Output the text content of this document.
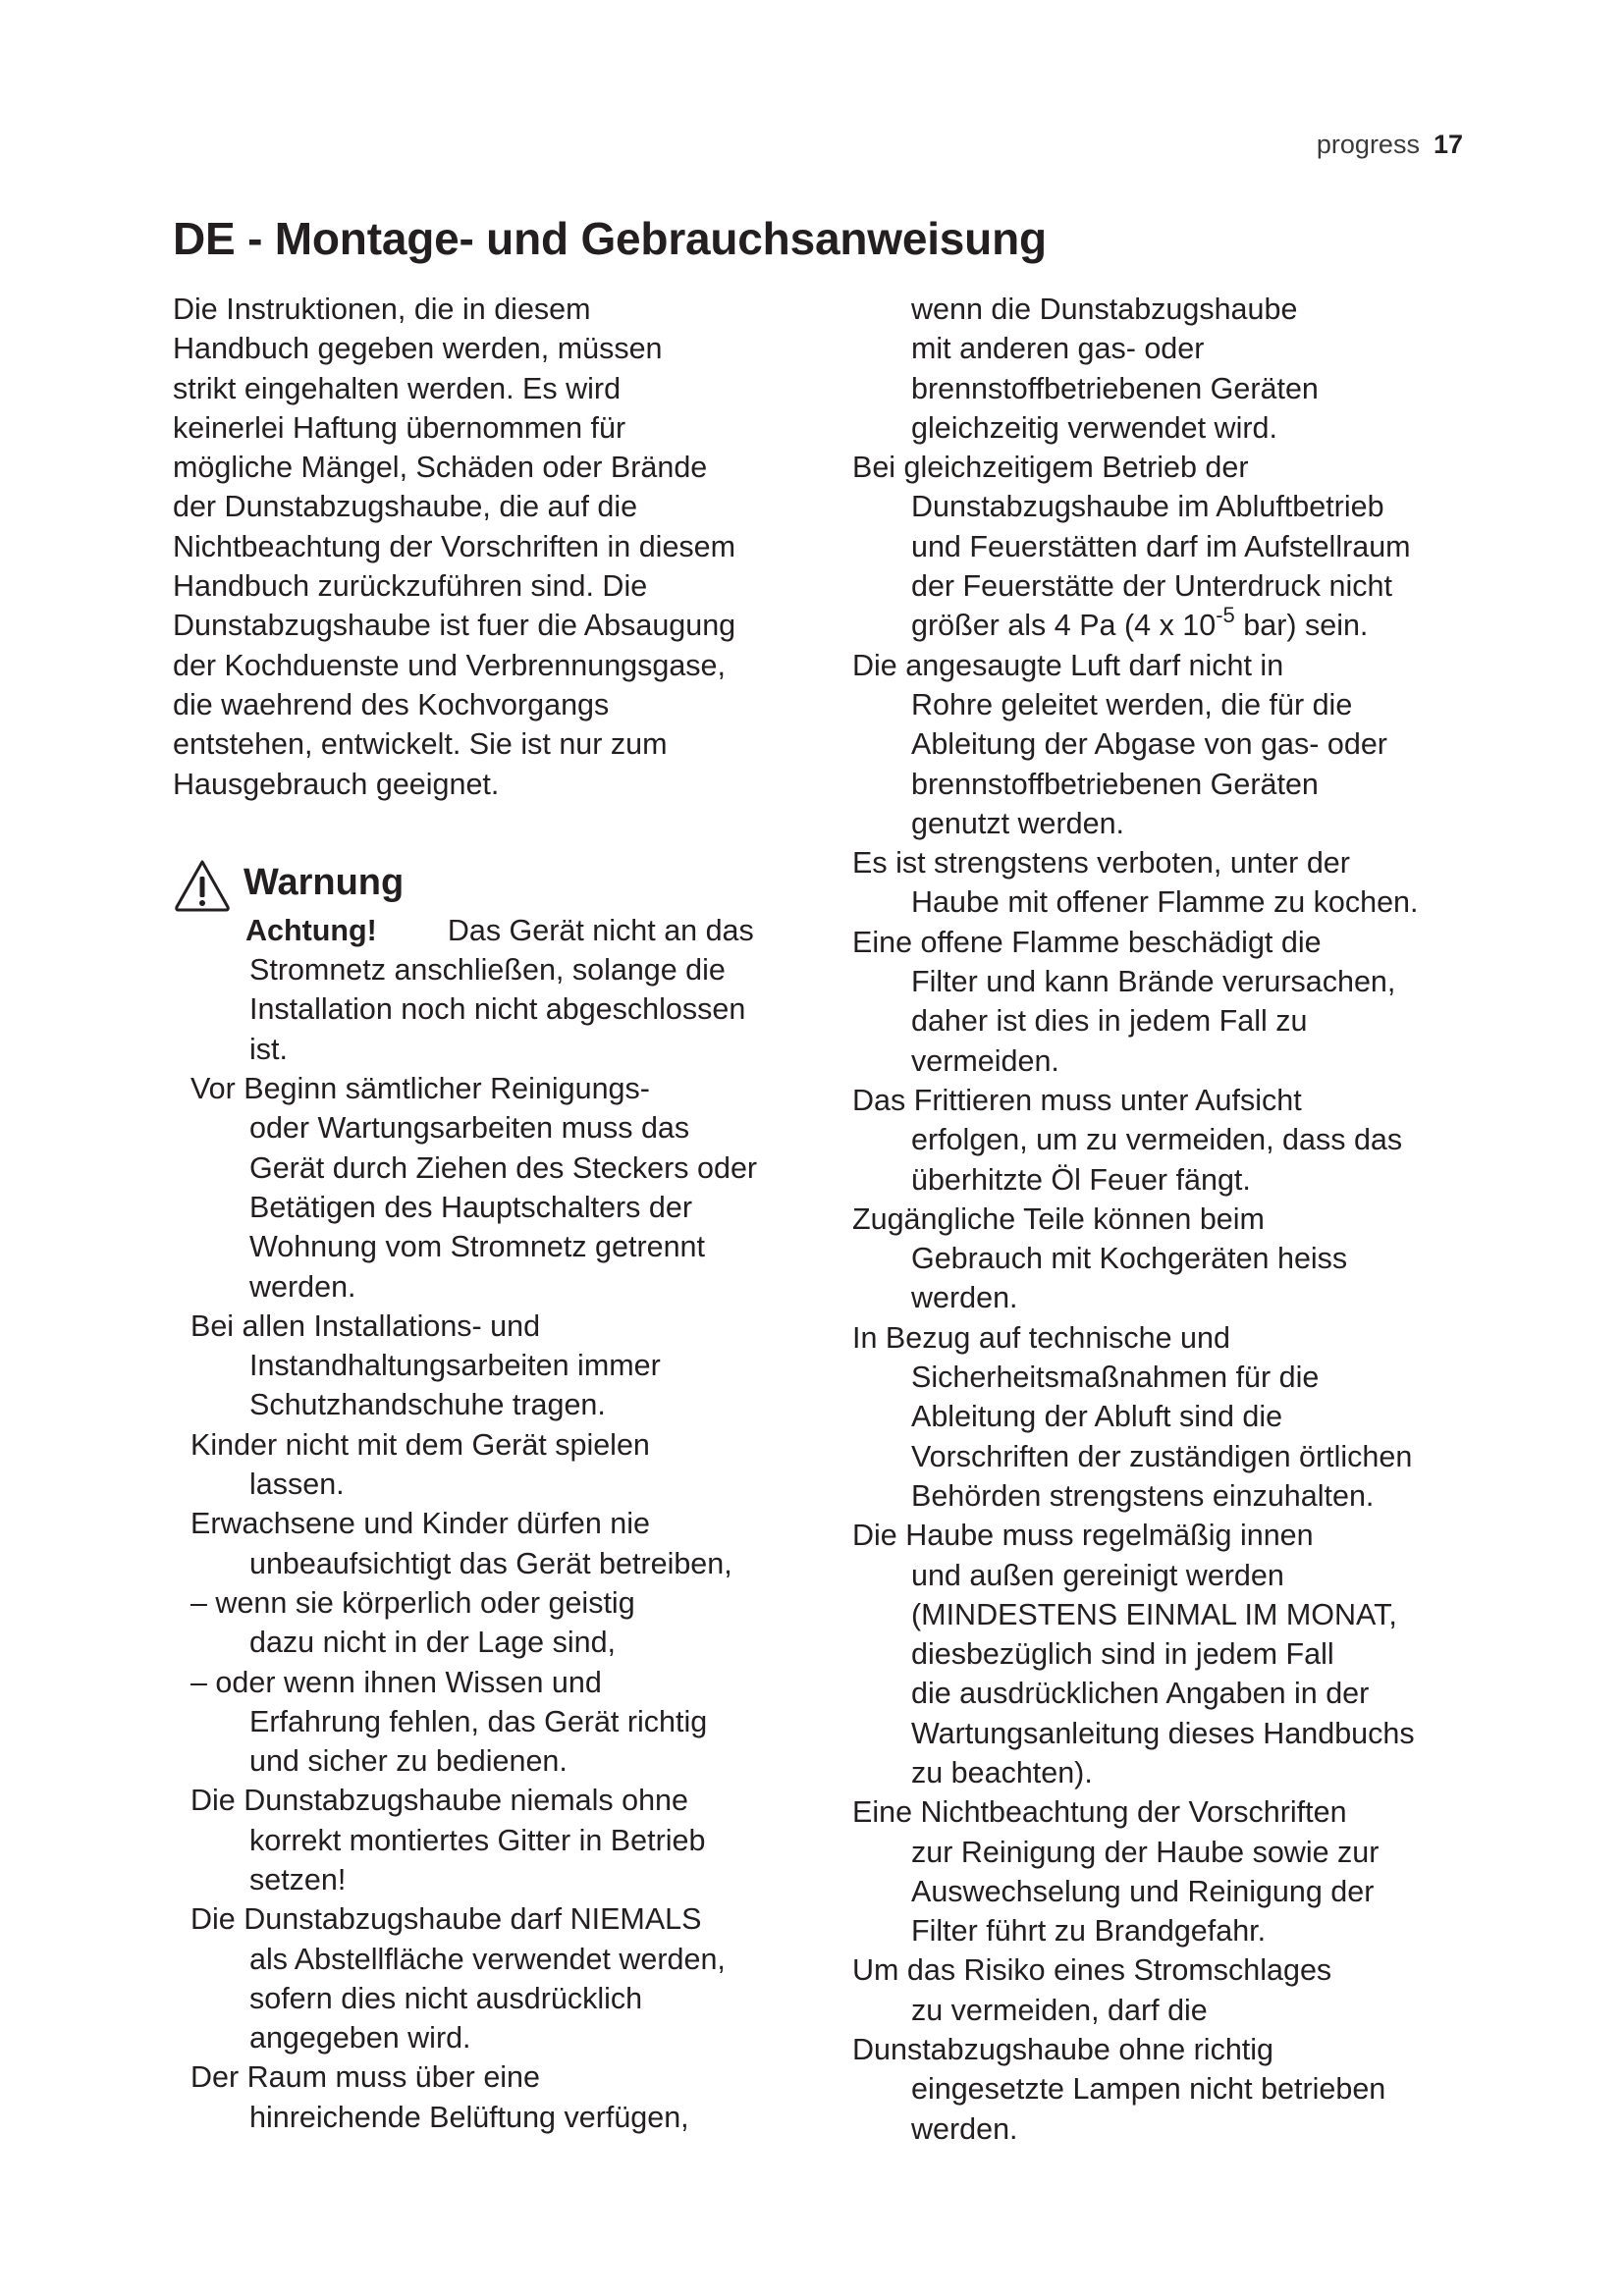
progress 17
DE - Montage- und Gebrauchsanweisung
Die Instruktionen, die in diesem
Handbuch gegeben werden, müssen
strikt eingehalten werden. Es wird
keinerlei Haftung übernommen für
mögliche Mängel, Schäden oder Brände
der Dunstabzugshaube, die auf die
Nichtbeachtung der Vorschriften in diesem
Handbuch zurückzuführen sind. Die
Dunstabzugshaube ist fuer die Absaugung
der Kochduenste und Verbrennungsgase,
die waehrend des Kochvorgangs
entstehen, entwickelt. Sie ist nur zum
Hausgebrauch geeignet.
Warnung
Achtung! Das Gerät nicht an das
Stromnetz anschließen, solange die
Installation noch nicht abgeschlossen
ist.
Vor Beginn sämtlicher Reinigungs-
oder Wartungsarbeiten muss das
Gerät durch Ziehen des Steckers oder
Betätigen des Hauptschalters der
Wohnung vom Stromnetz getrennt
werden.
Bei allen Installations- und
Instandhaltungsarbeiten immer
Schutzhandschuhe tragen.
Kinder nicht mit dem Gerät spielen
lassen.
Erwachsene und Kinder dürfen nie
unbeaufsichtigt das Gerät betreiben,
– wenn sie körperlich oder geistig
dazu nicht in der Lage sind,
– oder wenn ihnen Wissen und
Erfahrung fehlen, das Gerät richtig
und sicher zu bedienen.
Die Dunstabzugshaube niemals ohne
korrekt montiertes Gitter in Betrieb
setzen!
Die Dunstabzugshaube darf NIEMALS
als Abstellfläche verwendet werden,
sofern dies nicht ausdrücklich
angegeben wird.
Der Raum muss über eine
hinreichende Belüftung verfügen,
wenn die Dunstabzugshaube
mit anderen gas- oder
brennstoffbetriebenen Geräten
gleichzeitig verwendet wird.
Bei gleichzeitigem Betrieb der
Dunstabzugshaube im Abluftbetrieb
und Feuerstätten darf im Aufstellraum
der Feuerstätte der Unterdruck nicht
größer als 4 Pa (4 x $10^{-5}$ bar) sein.
Die angesaugte Luft darf nicht in
Rohre geleitet werden, die für die
Ableitung der Abgase von gas- oder
brennstoffbetriebenen Geräten
genutzt werden.
Es ist strengstens verboten, unter der
Haube mit offener Flamme zu kochen.
Eine offene Flamme beschädigt die
Filter und kann Brände verursachen,
daher ist dies in jedem Fall zu
vermeiden.
Das Frittieren muss unter Aufsicht
erfolgen, um zu vermeiden, dass das
überhitzte Öl Feuer fängt.
Zugängliche Teile können beim
Gebrauch mit Kochgeräten heiss
werden.
In Bezug auf technische und
Sicherheitsmaßnahmen für die
Ableitung der Abluft sind die
Vorschriften der zuständigen örtlichen
Behörden strengstens einzuhalten.
Die Haube muss regelmäßig innen
und außen gereinigt werden
(MINDESTENS EINMAL IM MONAT,
diesbezüglich sind in jedem Fall
die ausdrücklichen Angaben in der
Wartungsanleitung dieses Handbuchs
zu beachten).
Eine Nichtbeachtung der Vorschriften
zur Reinigung der Haube sowie zur
Auswechselung und Reinigung der
Filter führt zu Brandgefahr.
Um das Risiko eines Stromschlages
zu vermeiden, darf die
Dunstabzugshaube ohne richtig
eingesetzte Lampen nicht betrieben
werden.
